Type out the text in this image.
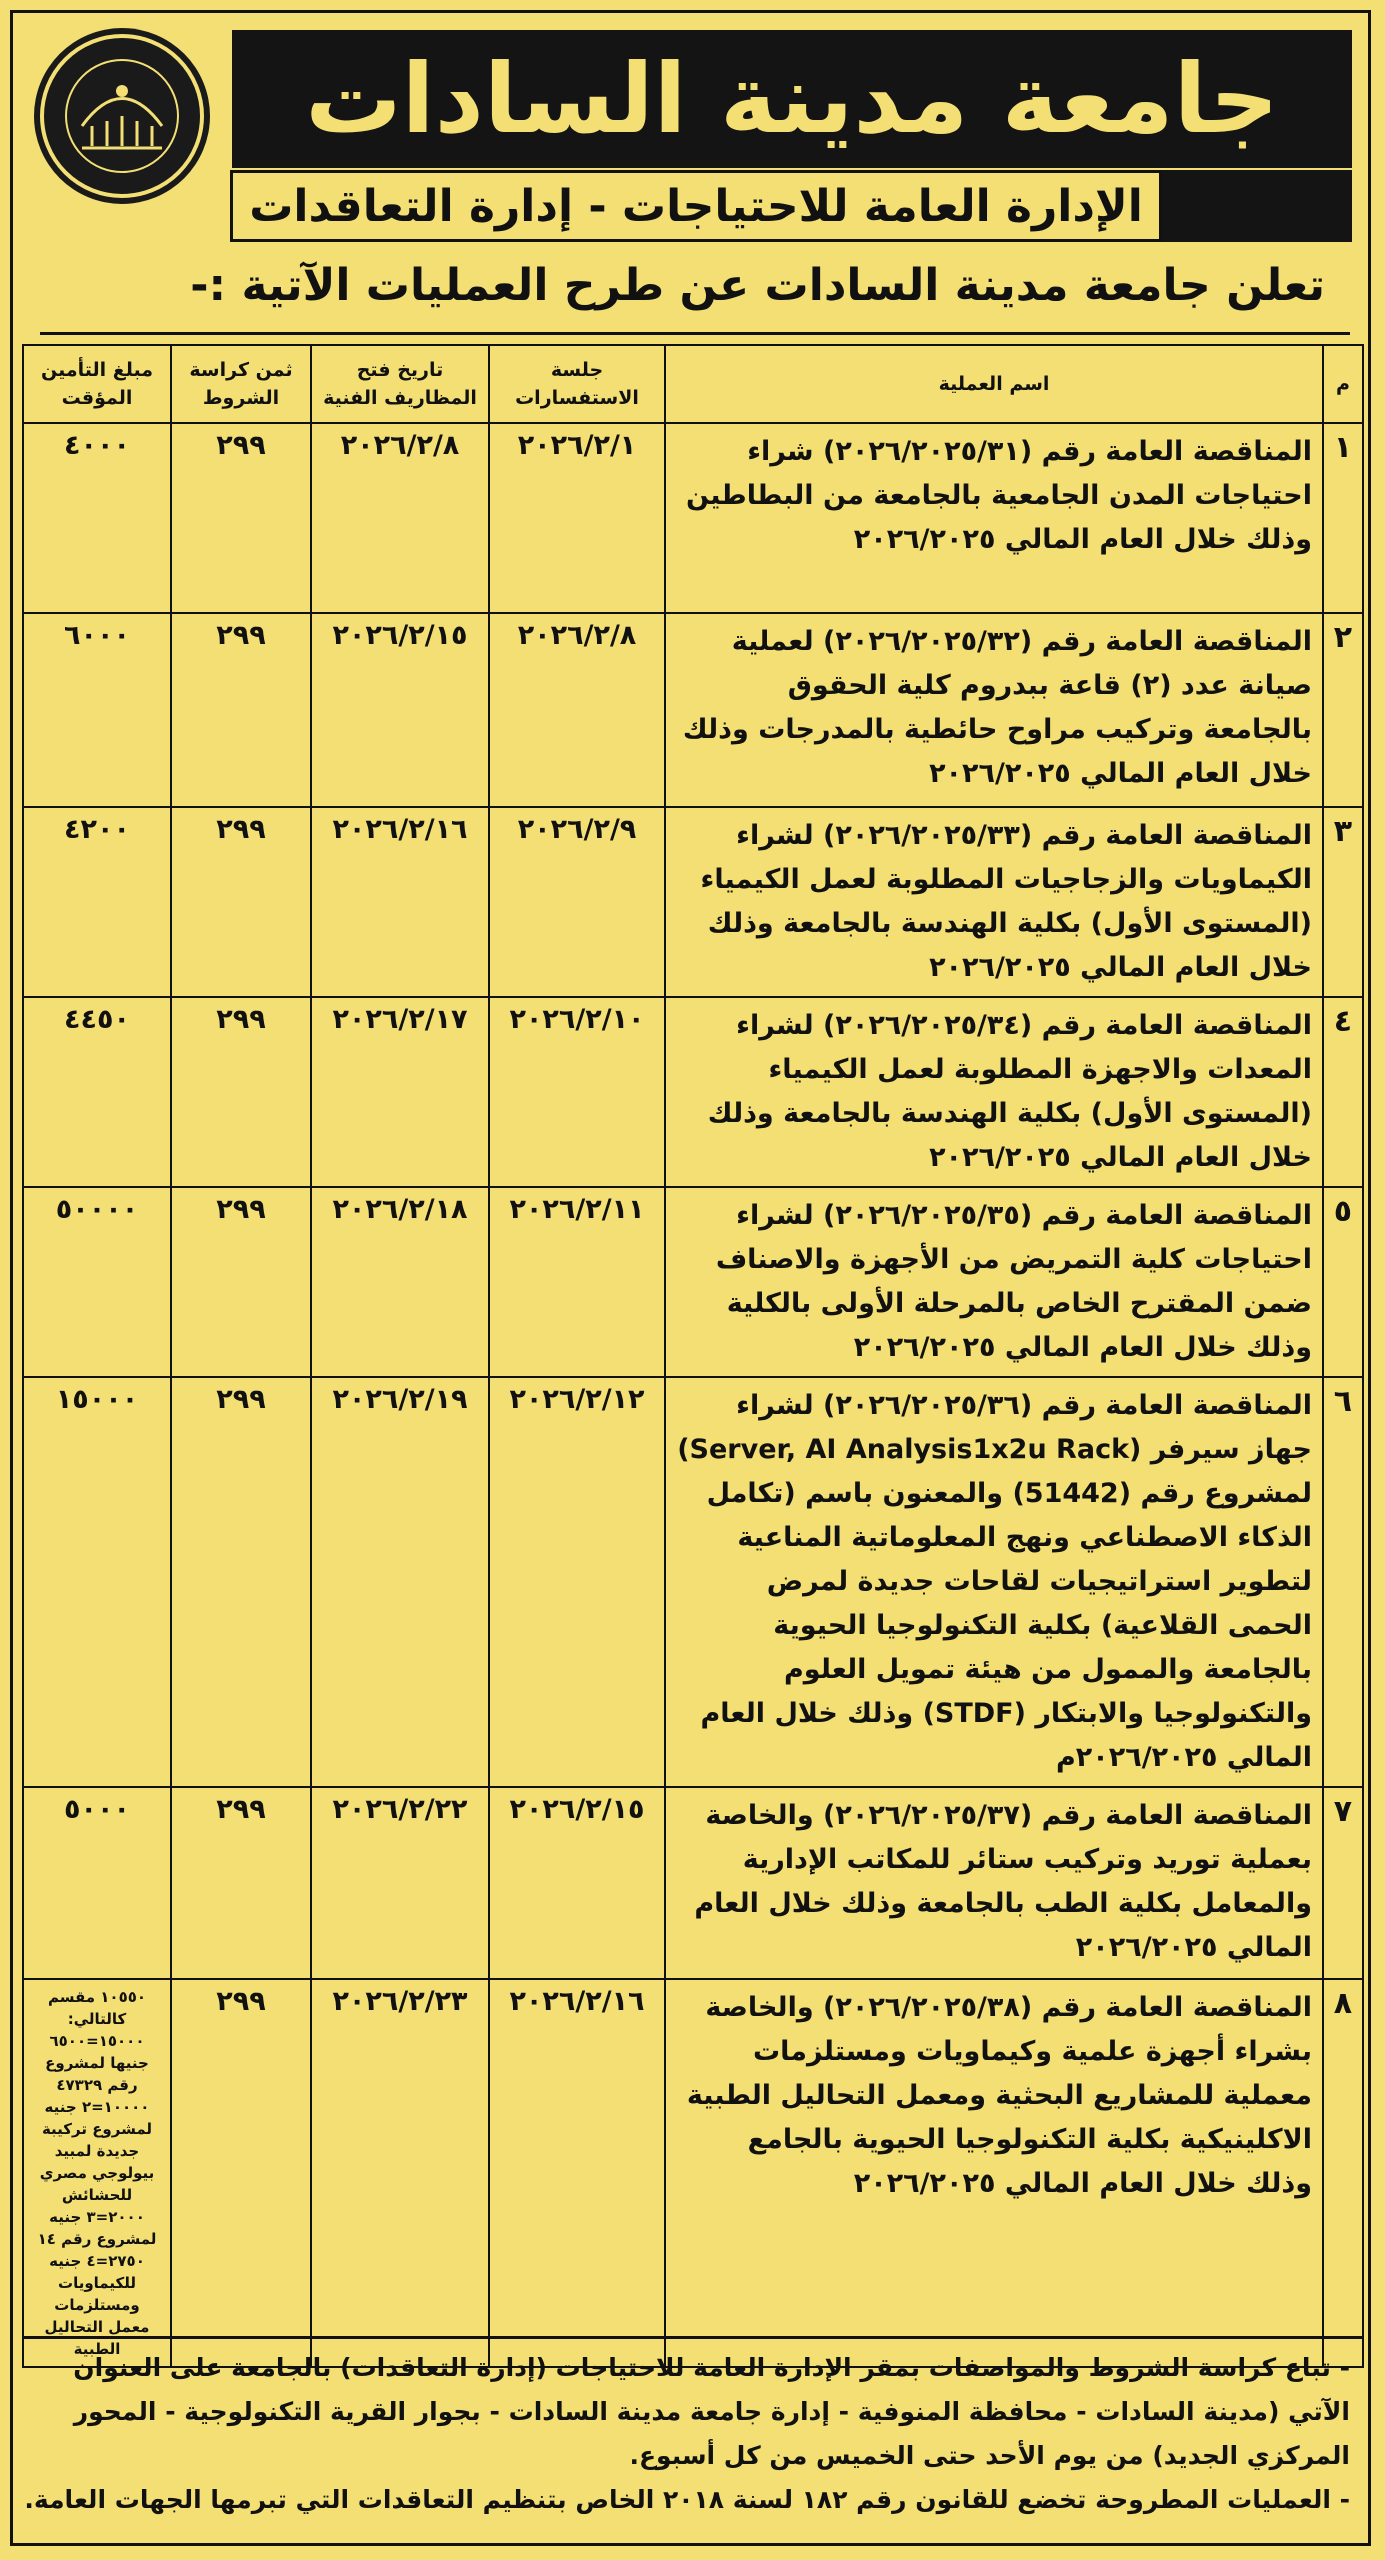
جامعة مدينة السادات
الإدارة العامة للاحتياجات - إدارة التعاقدات
تعلن جامعة مدينة السادات عن طرح العمليات الآتية :-
م	اسم العملية	جلسة الاستفسارات	تاريخ فتح المظاريف الفنية	ثمن كراسة الشروط	مبلغ التأمين المؤقت
١	المناقصة العامة رقم (٢٠٢٦/٢٠٢٥/٣١) شراء احتياجات المدن الجامعية بالجامعة من البطاطين وذلك خلال العام المالي ٢٠٢٦/٢٠٢٥	٢٠٢٦/٢/١	٢٠٢٦/٢/٨	٢٩٩	٤٠٠٠
٢	المناقصة العامة رقم (٢٠٢٦/٢٠٢٥/٣٢) لعملية صيانة عدد (٢) قاعة ببدروم كلية الحقوق بالجامعة وتركيب مراوح حائطية بالمدرجات وذلك خلال العام المالي ٢٠٢٦/٢٠٢٥	٢٠٢٦/٢/٨	٢٠٢٦/٢/١٥	٢٩٩	٦٠٠٠
٣	المناقصة العامة رقم (٢٠٢٦/٢٠٢٥/٣٣) لشراء الكيماويات والزجاجيات المطلوبة لعمل الكيمياء (المستوى الأول) بكلية الهندسة بالجامعة وذلك خلال العام المالي ٢٠٢٦/٢٠٢٥	٢٠٢٦/٢/٩	٢٠٢٦/٢/١٦	٢٩٩	٤٢٠٠
٤	المناقصة العامة رقم (٢٠٢٦/٢٠٢٥/٣٤) لشراء المعدات والاجهزة المطلوبة لعمل الكيمياء (المستوى الأول) بكلية الهندسة بالجامعة وذلك خلال العام المالي ٢٠٢٦/٢٠٢٥	٢٠٢٦/٢/١٠	٢٠٢٦/٢/١٧	٢٩٩	٤٤٥٠
٥	المناقصة العامة رقم (٢٠٢٦/٢٠٢٥/٣٥) لشراء احتياجات كلية التمريض من الأجهزة والاصناف ضمن المقترح الخاص بالمرحلة الأولى بالكلية وذلك خلال العام المالي ٢٠٢٦/٢٠٢٥	٢٠٢٦/٢/١١	٢٠٢٦/٢/١٨	٢٩٩	٥٠٠٠٠
٦	المناقصة العامة رقم (٢٠٢٦/٢٠٢٥/٣٦) لشراء جهاز سيرفر (Server, AI Analysis1x2u Rack) لمشروع رقم (51442) والمعنون باسم (تكامل الذكاء الاصطناعي ونهج المعلوماتية المناعية لتطوير استراتيجيات لقاحات جديدة لمرض الحمى القلاعية) بكلية التكنولوجيا الحيوية بالجامعة والممول من هيئة تمويل العلوم والتكنولوجيا والابتكار (STDF) وذلك خلال العام المالي ٢٠٢٦/٢٠٢٥م	٢٠٢٦/٢/١٢	٢٠٢٦/٢/١٩	٢٩٩	١٥٠٠٠
٧	المناقصة العامة رقم (٢٠٢٦/٢٠٢٥/٣٧) والخاصة بعملية توريد وتركيب ستائر للمكاتب الإدارية والمعامل بكلية الطب بالجامعة وذلك خلال العام المالي ٢٠٢٦/٢٠٢٥	٢٠٢٦/٢/١٥	٢٠٢٦/٢/٢٢	٢٩٩	٥٠٠٠
٨	المناقصة العامة رقم (٢٠٢٦/٢٠٢٥/٣٨) والخاصة بشراء أجهزة علمية وكيماويات ومستلزمات معملية للمشاريع البحثية ومعمل التحاليل الطبية الاكلينيكية بكلية التكنولوجيا الحيوية بالجامع وذلك خلال العام المالي ٢٠٢٦/٢٠٢٥	٢٠٢٦/٢/١٦	٢٠٢٦/٢/٢٣	٢٩٩	١٠٥٥٠ مقسم كالتالي: ١٥٠٠٠=٦٥٠٠ جنيها لمشروع رقم ٤٧٣٢٩ ١٠٠٠٠=٢ جنيه لمشروع تركيبة جديدة لمبيد بيولوجي مصري للحشائش ٢٠٠٠=٣ جنيه لمشروع رقم ١٤ ٢٧٥٠=٤ جنيه للكيماويات ومستلزمات معمل التحاليل الطبية
- تباع كراسة الشروط والمواصفات بمقر الإدارة العامة للاحتياجات (إدارة التعاقدات) بالجامعة على العنوان الآتي (مدينة السادات - محافظة المنوفية - إدارة جامعة مدينة السادات - بجوار القرية التكنولوجية - المحور المركزي الجديد) من يوم الأحد حتى الخميس من كل أسبوع.
- العمليات المطروحة تخضع للقانون رقم ١٨٢ لسنة ٢٠١٨ الخاص بتنظيم التعاقدات التي تبرمها الجهات العامة.
